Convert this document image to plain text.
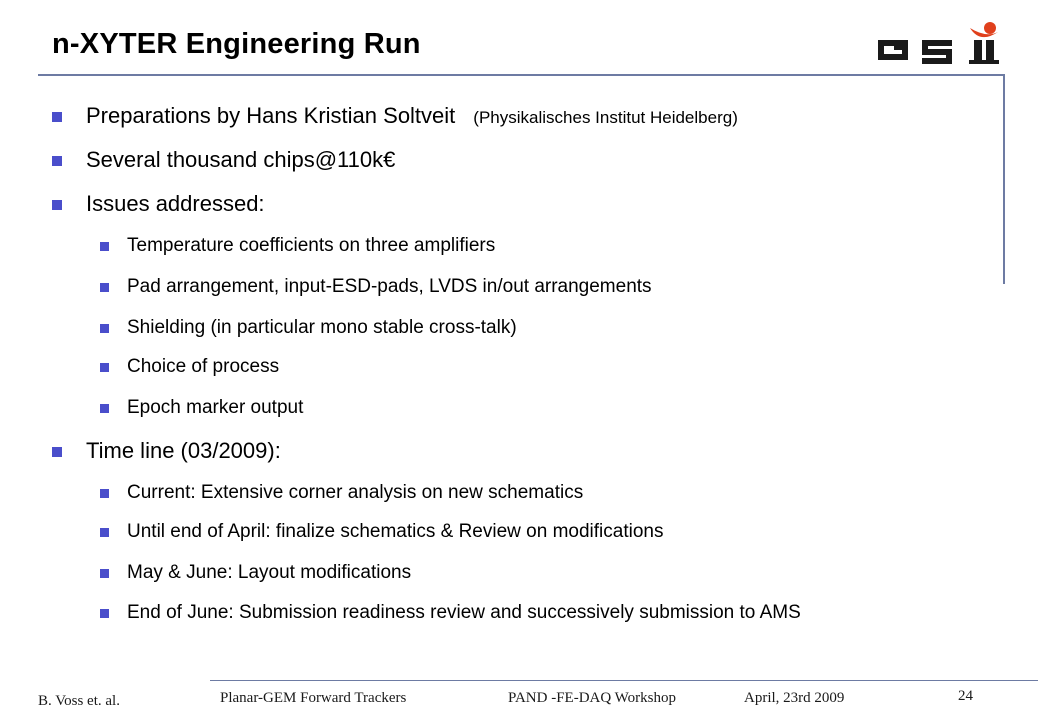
n-XYTER Engineering Run
Preparations by Hans Kristian Soltveit (Physikalisches Institut Heidelberg)
Several thousand chips@110k€
Issues addressed:
Temperature coefficients on three amplifiers
Pad arrangement, input-ESD-pads, LVDS in/out arrangements
Shielding (in particular mono stable cross-talk)
Choice of process
Epoch marker output
Time line (03/2009):
Current: Extensive corner analysis on new schematics
Until end of April: finalize schematics & Review on modifications
May & June: Layout modifications
End of June: Submission readiness review and successively submission to AMS
B. Voss et. al.	Planar-GEM Forward Trackers	PAND -FE-DAQ Workshop	April, 23rd 2009	24
